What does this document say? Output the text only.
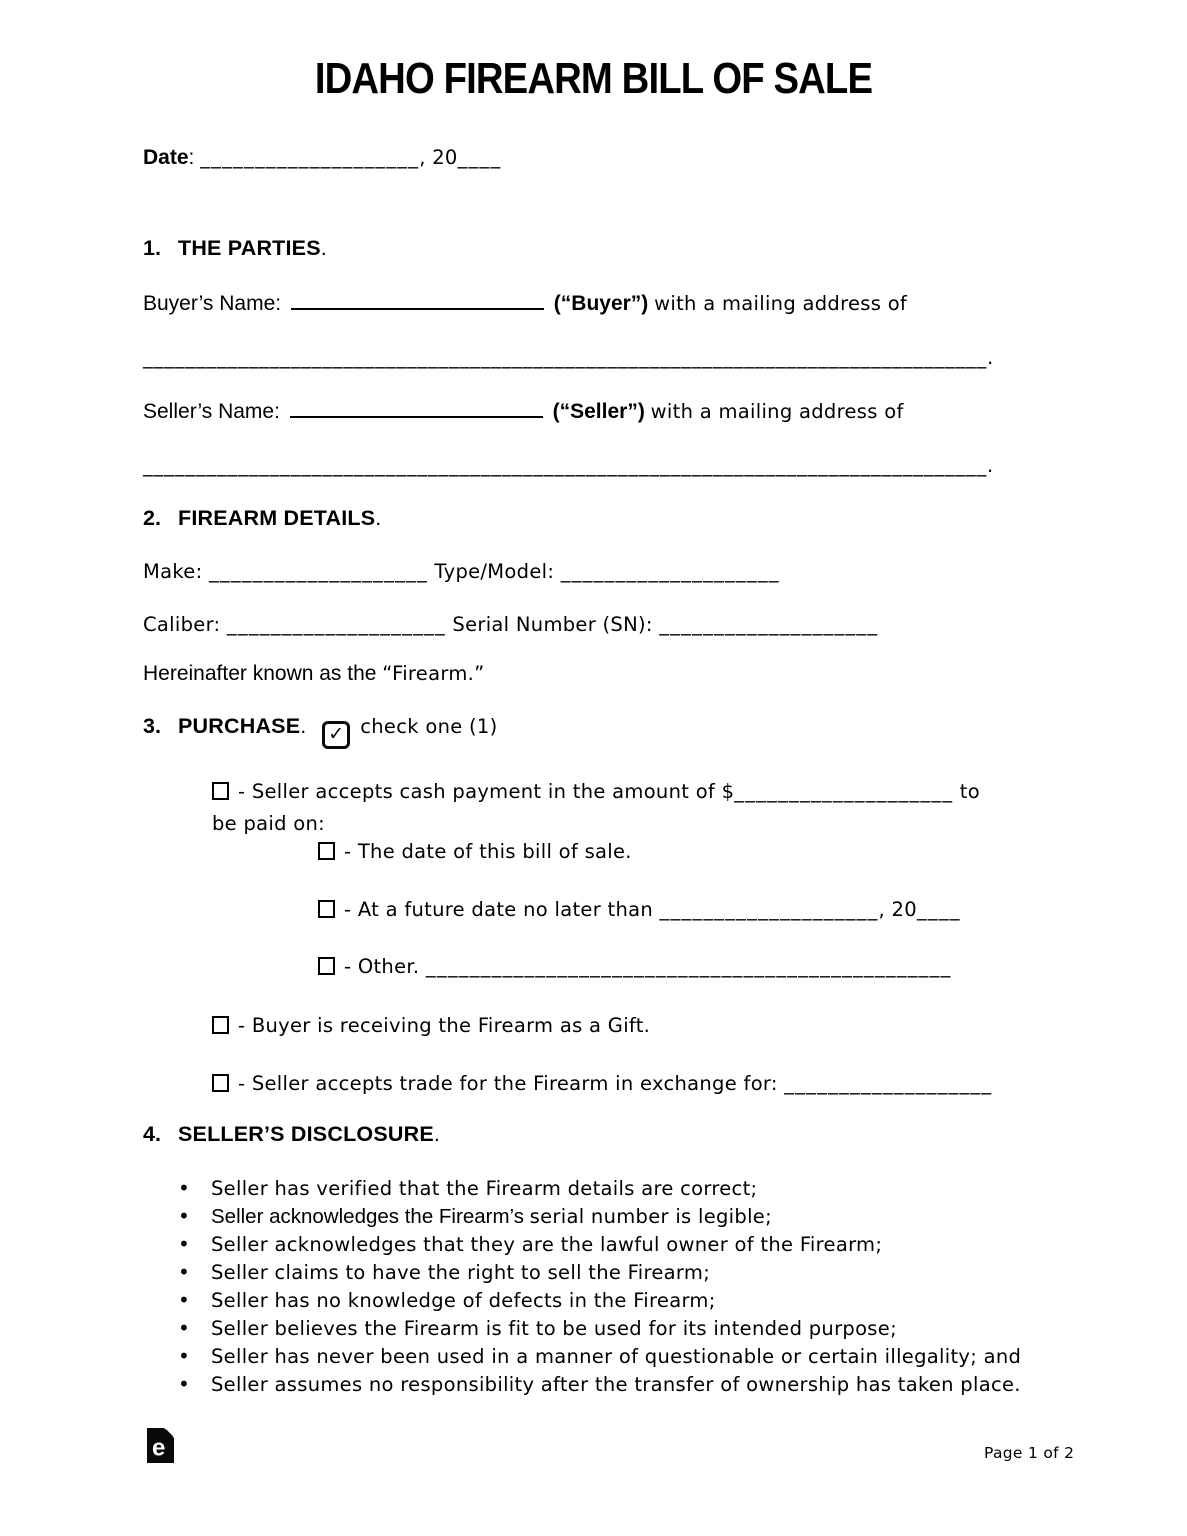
IDAHO FIREARM BILL OF SALE
Date: ____________________, 20____
1. THE PARTIES.
Buyer’s Name:	(“Buyer”) with a mailing address of
________________________________________________________________________________.
Seller’s Name:	(“Seller”) with a mailing address of
________________________________________________________________________________.
2. FIREARM DETAILS.
Make: ____________________ Type/Model: ____________________
Caliber: ____________________ Serial Number (SN): ____________________
Hereinafter known as the “Firearm.”
3. PURCHASE. ✓ check one (1)
- Seller accepts cash payment in the amount of $____________________ to
be paid on:
- The date of this bill of sale.
- At a future date no later than ____________________, 20____
- Other. ________________________________________________
- Buyer is receiving the Firearm as a Gift.
- Seller accepts trade for the Firearm in exchange for: ___________________
4. SELLER’S DISCLOSURE.
• Seller has verified that the Firearm details are correct;
• Seller acknowledges the Firearm’s serial number is legible;
• Seller acknowledges that they are the lawful owner of the Firearm;
• Seller claims to have the right to sell the Firearm;
• Seller has no knowledge of defects in the Firearm;
• Seller believes the Firearm is fit to be used for its intended purpose;
• Seller has never been used in a manner of questionable or certain illegality; and
• Seller assumes no responsibility after the transfer of ownership has taken place.
e	Page 1 of 2
